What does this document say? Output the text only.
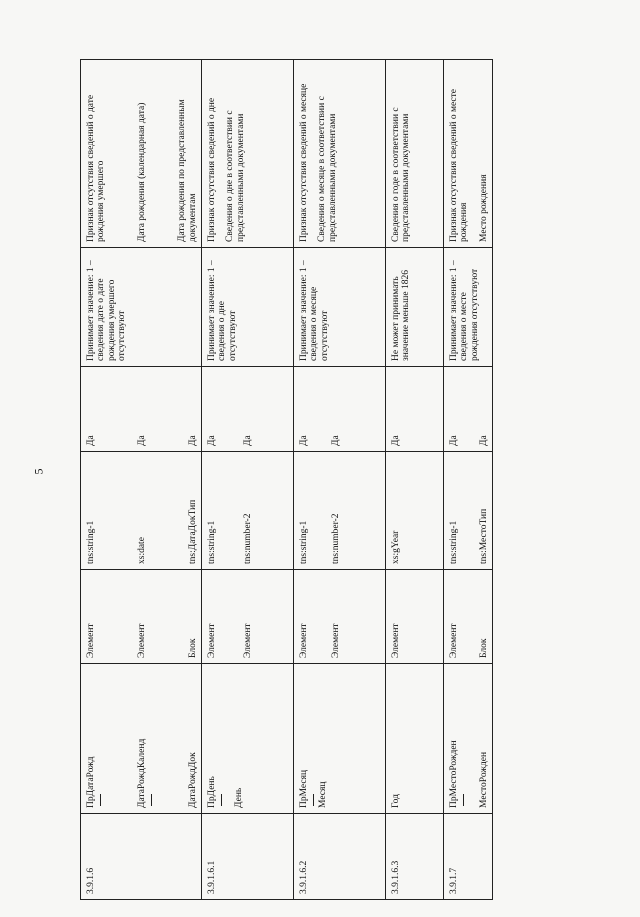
5
3.9.1.6	ПрДатаРожд ДатаРождКаленд ДатаРождДок	Элемент Элемент Блок	tns:string-1 xs:date tns:ДатаДокТип	Да Да Да	Принимает значение: 1 – сведения дате о дате рождения умершего отсутствуют	Признак отсутствия сведений о дате рождения умершего Дата рождения (календарная дата) Дата рождения по представленным документам

3.9.1.6.1	ПрДень День	Элемент Элемент	tns:string-1 tns:number-2	Да Да	Принимает значение: 1 – сведения о дне отсутствуют	Признак отсутствия сведений о дне Сведения о дне в соответствии с представленными документами

3.9.1.6.2	ПрМесяц Месяц	Элемент Элемент	tns:string-1 tns:number-2	Да Да	Принимает значение: 1 – сведения о месяце отсутствуют	Признак отсутствия сведений о месяце Сведения о месяце в соответствии с представленными документами

3.9.1.6.3	Год	Элемент	xs:gYear	Да	Не может принимать значение меньше 1826	Сведения о годе в соответствии с представленными документами
3.9.1.7	ПрМестоРожден МестоРожден	Элемент Блок	tns:string-1 tns:МестоТип	Да Да	Принимает значение: 1 – сведения о месте рождения отсутствуют	Признак отсутствия сведений о месте рождения Место рождения
